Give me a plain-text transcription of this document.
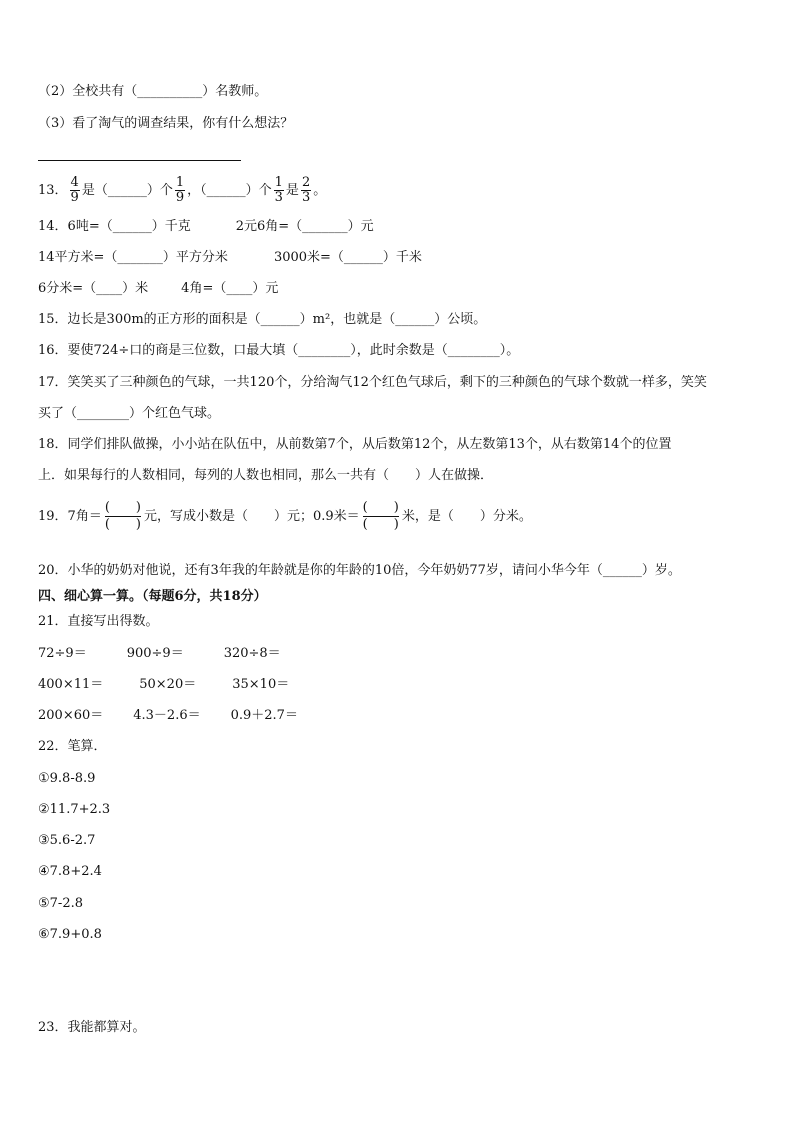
（2）全校共有（__________）名教师。
（3）看了淘气的调查结果，你有什么想法？
13． $\frac{4}{9}$ 是（______）个 $\frac{1}{9}$ ，（______）个 $\frac{1}{3}$ 是 $\frac{2}{3}$ 。
14．6吨=（______）千克	2元6角=（_______）元
14平方米=（_______）平方分米	3000米=（______）千米
6分米=（____）米	4角=（____）元
15．边长是300m的正方形的面积是（______）m²，也就是（______）公顷。
16．要使724÷口的商是三位数，口最大填（________），此时余数是（________）。
17．笑笑买了三种颜色的气球，一共120个，分给淘气12个红色气球后，剩下的三种颜色的气球个数就一样多，笑笑
买了（________）个红色气球。
18．同学们排队做操，小小站在队伍中，从前数第7个，从后数第12个，从左数第13个，从右数第14个的位置
上．如果每行的人数相同，每列的人数也相同，那么一共有（　　）人在做操．
19．7角＝
(　　)
(　　)
元，写成小数是（　　）元；0.9米＝
(　　)
(　　)
米，是（　　）分米。
20．小华的奶奶对他说，还有3年我的年龄就是你的年龄的10倍，今年奶奶77岁，请问小华今年（______）岁。
四、细心算一算。（每题6分，共18分）
21．直接写出得数。
72÷9＝	900÷9＝	320÷8＝
400×11＝	50×20＝	35×10＝
200×60＝ 4.3－2.6＝ 0.9＋2.7＝
22．笔算．
①9.8-8.9
②11.7+2.3
③5.6-2.7
④7.8+2.4
⑤7-2.8
⑥7.9+0.8
23．我能都算对。
